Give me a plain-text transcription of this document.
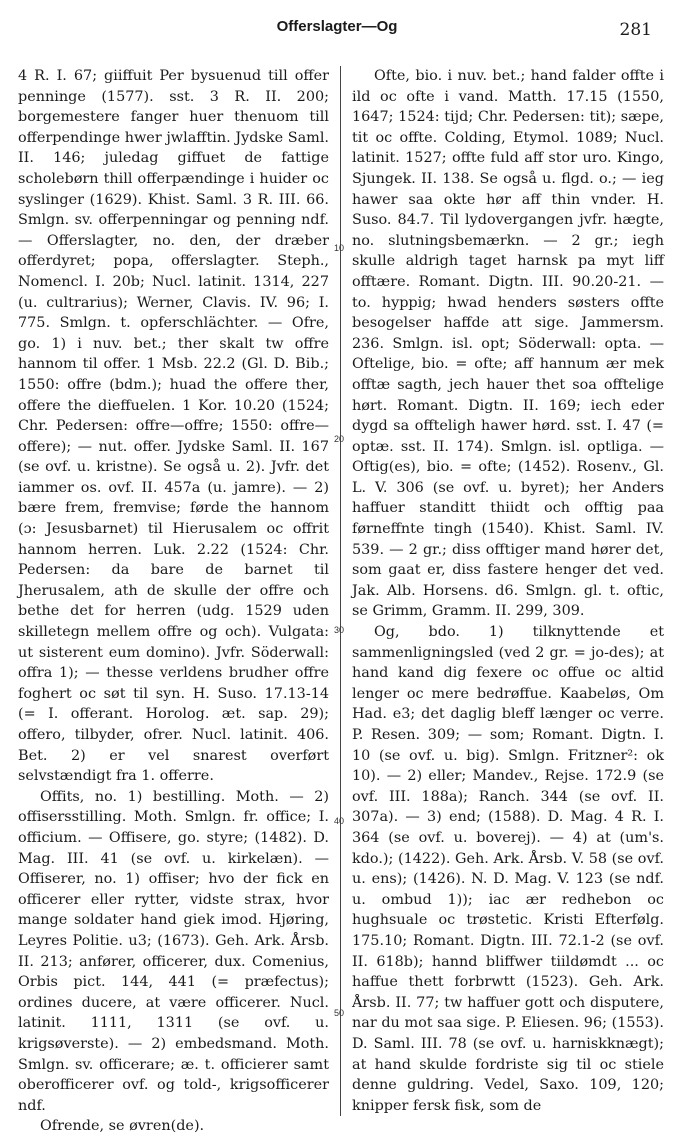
Offerslagter—Og	281

4 R. I. 67; giiffuit Per bysuenud till offer penninge (1577). sst. 3 R. II. 200; borgemestere fanger huer thenuom till offerpendinge hwer jwlafftin. Jydske Saml. II. 146; juledag giffuet de fattige scholebørn thill offerpændinge i huider oc syslinger (1629). Khist. Saml. 3 R. III. 66. Smlgn. sv. offerpenningar og penning ndf. — Offerslagter, no. den, der dræber offerdyret; popa, offerslagter. Steph., Nomencl. I. 20b; Nucl. latinit. 1314, 227 (u. cultrarius); Werner, Clavis. IV. 96; I. 775. Smlgn. t. opferschlächter. — Ofre, go. 1) i nuv. bet.; ther skalt tw offre hannom til offer. 1 Msb. 22.2 (Gl. D. Bib.; 1550: offre (bdm.); huad the offere ther, offere the dieffuelen. 1 Kor. 10.20 (1524; Chr. Pedersen: offre—offre; 1550: offre—offere); — nut. offer. Jydske Saml. II. 167 (se ovf. u. kristne). Se også u. 2). Jvfr. det iammer os. ovf. II. 457a (u. jamre). — 2) bære frem, fremvise; førde the hannom (ɔ: Jesusbarnet) til Hierusalem oc offrit hannom herren. Luk. 2.22 (1524: Chr. Pedersen: da bare de barnet til Jherusalem, ath de skulle der offre och bethe det for herren (udg. 1529 uden skilletegn mellem offre og och). Vulgata: ut sisterent eum domino). Jvfr. Söderwall: offra 1); — thesse verldens brudher offre foghert oc søt til syn. H. Suso. 17.13-14 (= I. offerant. Horolog. æt. sap. 29); offero, tilbyder, ofrer. Nucl. latinit. 406. Bet. 2) er vel snarest overført selvstændigt fra 1. offerre.

Offits, no. 1) bestilling. Moth. — 2) offisersstilling. Moth. Smlgn. fr. office; I. officium. — Offisere, go. styre; (1482). D. Mag. III. 41 (se ovf. u. kirkelæn). — Offiserer, no. 1) offiser; hvo der fick en officerer eller rytter, vidste strax, hvor mange soldater hand giek imod. Hjøring, Leyres Politie. u3; (1673). Geh. Ark. Årsb. II. 213; anfører, officerer, dux. Comenius, Orbis pict. 144, 441 (= præfectus); ordines ducere, at være officerer. Nucl. latinit. 1111, 1311 (se ovf. u. krigsøverste). — 2) embedsmand. Moth. Smlgn. sv. officerare; æ. t. officierer samt oberofficerer ovf. og told-, krigsofficerer ndf.

Ofrende, se øvren(de).

10
20
30
40
50

Ofte, bio. i nuv. bet.; hand falder offte i ild oc ofte i vand. Matth. 17.15 (1550, 1647; 1524: tijd; Chr. Pedersen: tit); sæpe, tit oc offte. Colding, Etymol. 1089; Nucl. latinit. 1527; offte fuld aff stor uro. Kingo, Sjungek. II. 138. Se også u. flgd. o.; — ieg hawer saa okte hør aff thin vnder. H. Suso. 84.7. Til lydovergangen jvfr. hægte, no. slutningsbemærkn. — 2 gr.; iegh skulle aldrigh taget harnsk pa myt liff offtære. Romant. Digtn. III. 90.20-21. — to. hyppig; hwad henders søsters offte besogelser haffde att sige. Jammersm. 236. Smlgn. isl. opt; Söderwall: opta. — Oftelige, bio. = ofte; aff hannum ær mek offtæ sagth, jech hauer thet soa offtelige hørt. Romant. Digtn. II. 169; iech eder dygd sa offteligh hawer hørd. sst. I. 47 (= optæ. sst. II. 174). Smlgn. isl. optliga. — Oftig(es), bio. = ofte; (1452). Rosenv., Gl. L. V. 306 (se ovf. u. byret); her Anders haffuer standitt thiidt och offtig paa førneffnte tingh (1540). Khist. Saml. IV. 539. — 2 gr.; diss offtiger mand hører det, som gaat er, diss fastere henger det ved. Jak. Alb. Horsens. d6. Smlgn. gl. t. oftic, se Grimm, Gramm. II. 299, 309.

Og, bdo. 1) tilknyttende et sammenligningsled (ved 2 gr. = jo-des); at hand kand dig fexere oc offue oc altid lenger oc mere bedrøffue. Kaabeløs, Om Had. e3; det daglig bleff længer oc verre. P. Resen. 309; — som; Romant. Digtn. I. 10 (se ovf. u. big). Smlgn. Fritzner²: ok 10). — 2) eller; Mandev., Rejse. 172.9 (se ovf. III. 188a); Ranch. 344 (se ovf. II. 307a). — 3) end; (1588). D. Mag. 4 R. I. 364 (se ovf. u. boverej). — 4) at (um's. kdo.); (1422). Geh. Ark. Årsb. V. 58 (se ovf. u. ens); (1426). N. D. Mag. V. 123 (se ndf. u. ombud 1)); iac ær redhebon oc hughsuale oc trøstetic. Kristi Efterfølg. 175.10; Romant. Digtn. III. 72.1-2 (se ovf. II. 618b); hannd bliffwer tiildømdt ... oc haffue thett forbrwtt (1523). Geh. Ark. Årsb. II. 77; tw haffuer gott och disputere, nar du mot saa sige. P. Eliesen. 96; (1553). D. Saml. III. 78 (se ovf. u. harniskknægt); at hand skulde fordriste sig til oc stiele denne guldring. Vedel, Saxo. 109, 120; knipper fersk fisk, som de
